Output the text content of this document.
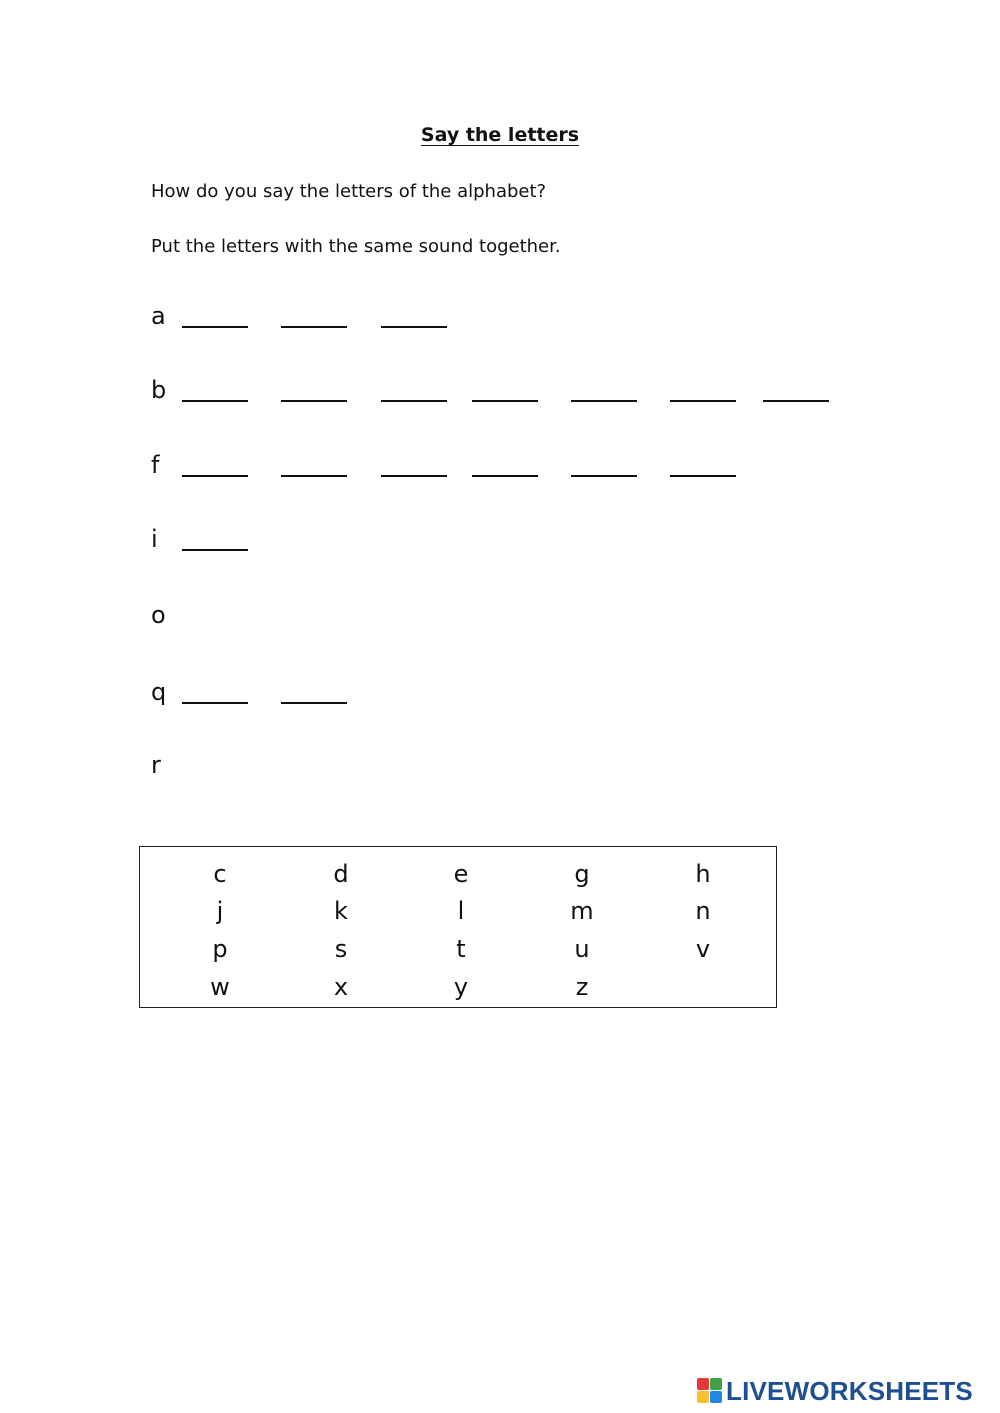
Say the letters
How do you say the letters of the alphabet?
Put the letters with the same sound together.
a
b
f
i
o
q
r
c	d	e	g	h
j	k	l	m	n
p	s	t	u	v
w	x	y	z
LIVEWORKSHEETS
